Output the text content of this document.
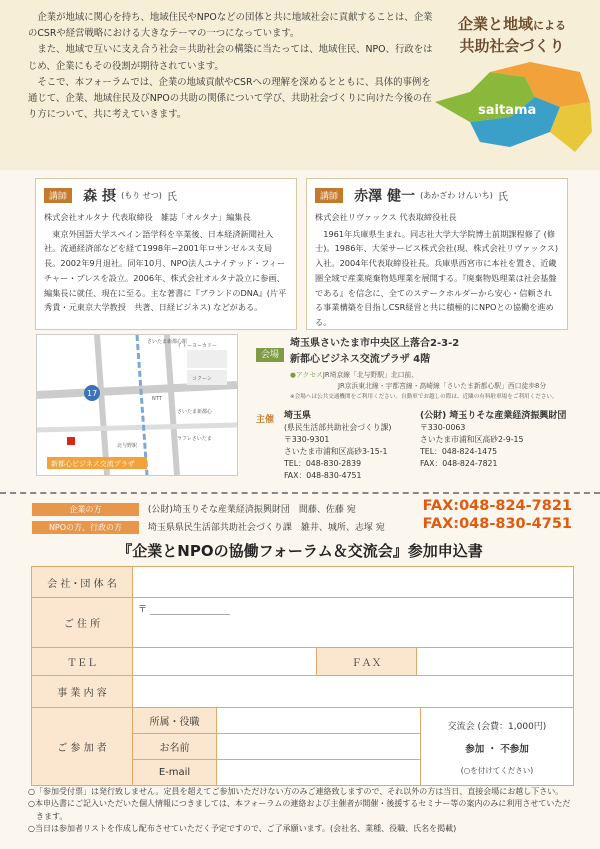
企業が地域に関心を持ち、地域住民やNPOなどの団体と共に地域社会に貢献することは、企業のCSRや経営戦略における大きなテーマの一つになっています。

また、地域で互いに支え合う社会＝共助社会の構築に当たっては、地域住民、NPO、行政をはじめ、企業にもその役割が期待されています。

そこで、本フォーラムでは、企業の地域貢献やCSRへの理解を深めるとともに、具体的事例を通じて、企業、地域住民及びNPOの共助の関係について学び、共助社会づくりに向けた今後の在り方について、共に考えていきます。

企業と地域による
共助社会づくり
saitama
講師 森 摂 (もり せつ) 氏
株式会社オルタナ 代表取締役　雑誌「オルタナ」編集長
東京外国語大学スペイン語学科を卒業後、日本経済新聞社入社。流通経済部などを経て1998年−2001年ロサンゼルス支局長。2002年9月退社。同年10月、NPO法人ユナイテッド・フィーチャー・プレスを設立。2006年、株式会社オルタナ設立に参画、編集長に就任、現在に至る。主な著書に『ブランドのDNA』(片平秀貴・元東京大学教授　共著、日経ビジネス) などがある。
講師 赤澤 健一 (あかざわ けんいち) 氏
株式会社リヴァックス 代表取締役社長
1961年兵庫県生まれ。同志社大学大学院博士前期課程修了 (修士)。1986年、大栄サービス株式会社(現、株式会社リヴァックス)入社。2004年代表取締役社長。兵庫県西宮市に本社を置き、近畿圏全域で産業廃棄物処理業を展開する。『廃棄物処理業は社会基盤である』を信念に、全てのステークホルダーから安心・信頼される事業構築を目指しCSR経営と共に積極的にNPOとの協働を進める。
17
さいたま新都心駅
北与野駅
イトーヨーカドー
コクーン
NTT
さいたま新都心
ラフレさいたま
新都心ビジネス交流プラザ
会場
埼玉県さいたま市中央区上落合2-3-2
新都心ビジネス交流プラザ 4階
●アクセスJR埼京線「北与野駅」北口前、
JR京浜東北線・宇都宮線・高崎線「さいたま新都心駅」西口徒歩8分
※会場へは公共交通機関をご利用ください。自動車でお越しの際は、近隣の有料駐車場をご利用ください。
主催 埼玉県
(県民生活部共助社会づくり課)
〒330-9301
さいたま市浦和区高砂3-15-1
TEL：048-830-2839
FAX：048-830-4751
(公財) 埼玉りそな産業経済振興財団
〒330-0063
さいたま市浦和区高砂2-9-15
TEL：048-824-1475
FAX：048-824-7821
企業の方	(公財)埼玉りそな産業経済振興財団　間藤、佐藤 宛	FAX:048-824-7821
NPOの方、行政の方	埼玉県県民生活部共助社会づくり課　雑井、城所、志塚 宛	FAX:048-830-4751
『企業とNPOの協働フォーラム＆交流会』参加申込書
会 社・団 体 名
ご 住 所
〒
ＴＥＬ	ＦＡＸ
事 業 内 容
ご 参 加 者
所属・役職
お名前
E-mail
交流会 (会費：1,000円)
参加 ・ 不参加
(○を付けてください)
○「参加受付票」は発行致しません。定員を超えてご参加いただけない方のみご連絡致しますので、それ以外の方は当日、直接会場にお越し下さい。
○本申込書にご記入いただいた個人情報につきましては、本フォーラムの連絡および主催者が開催・後援するセミナー等の案内のみに利用させていただきます。
○当日は参加者リストを作成し配布させていただく予定ですので、ご了承願います。(会社名、業種、役職、氏名を掲載)
